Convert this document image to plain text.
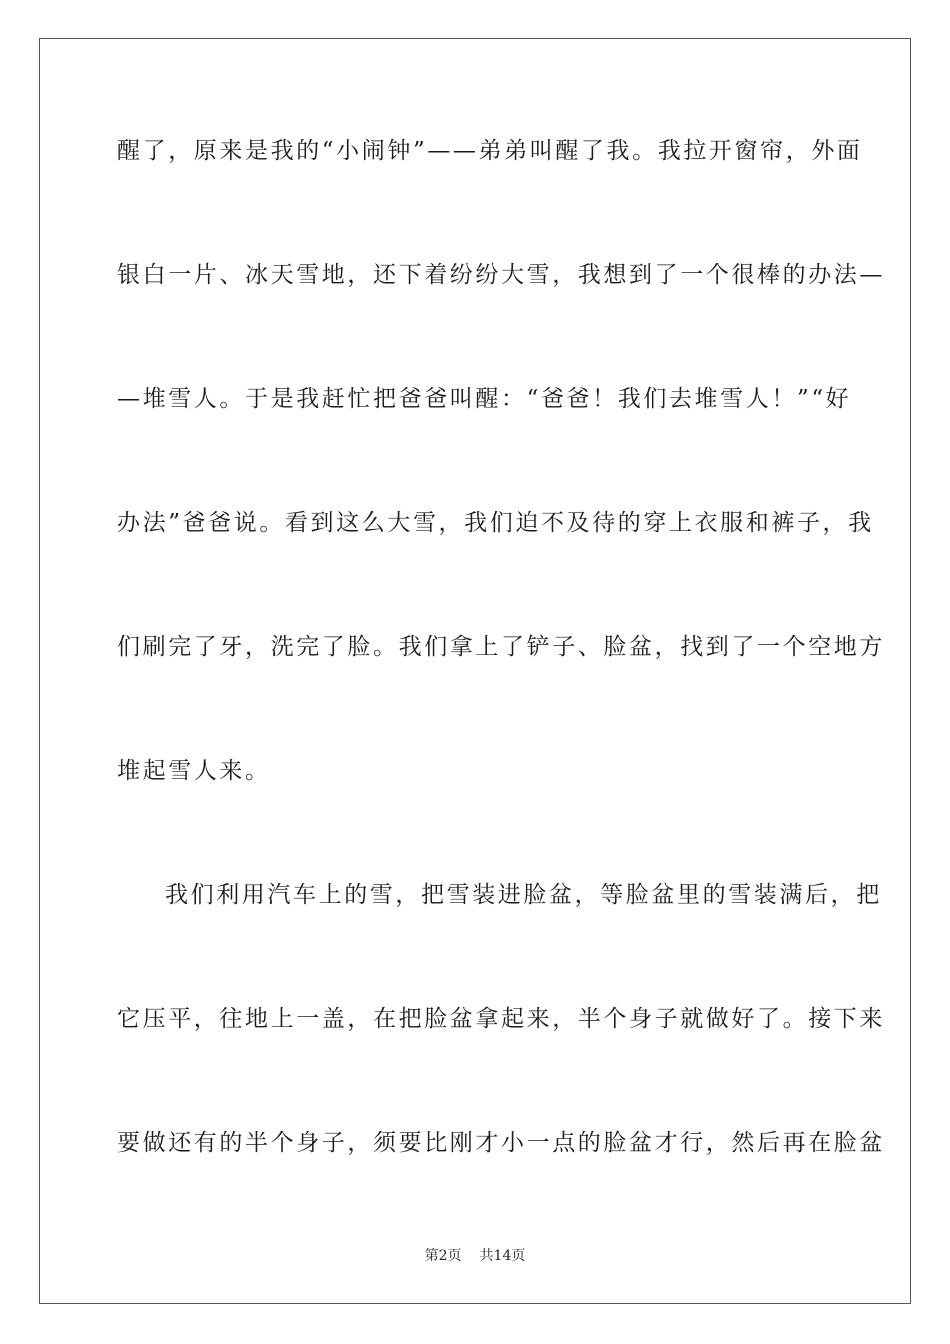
醒了，原来是我的“小闹钟”——弟弟叫醒了我。我拉开窗帘，外面
银白一片、冰天雪地，还下着纷纷大雪，我想到了一个很棒的办法—
—堆雪人。于是我赶忙把爸爸叫醒：“爸爸！我们去堆雪人！”“好
办法”爸爸说。看到这么大雪，我们迫不及待的穿上衣服和裤子，我
们刷完了牙，洗完了脸。我们拿上了铲子、脸盆，找到了一个空地方
堆起雪人来。
我们利用汽车上的雪，把雪装进脸盆，等脸盆里的雪装满后，把
它压平，往地上一盖，在把脸盆拿起来，半个身子就做好了。接下来
要做还有的半个身子，须要比刚才小一点的脸盆才行，然后再在脸盆
第2页 共14页
